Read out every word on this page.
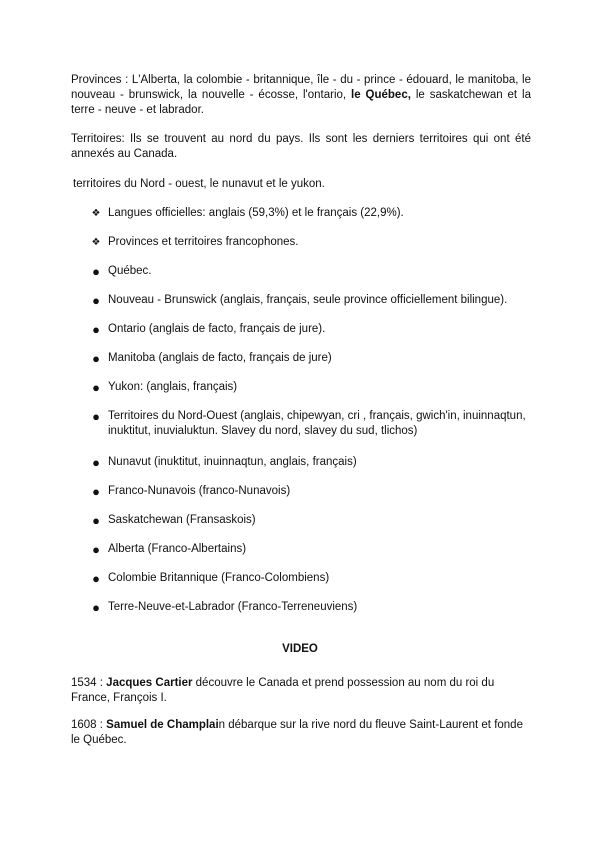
Provinces : L'Alberta, la colombie - britannique, île - du - prince - édouard, le manitoba, le nouveau - brunswick, la nouvelle - écosse, l'ontario, le Québec, le saskatchewan et la terre - neuve - et labrador.

Territoires: Ils se trouvent au nord du pays. Ils sont les derniers territoires qui ont été annexés au Canada.

territoires du Nord - ouest, le nunavut et le yukon.

❖ Langues officielles: anglais (59,3%) et le français (22,9%).
❖ Provinces et territoires francophones.
● Québec.
● Nouveau - Brunswick (anglais, français, seule province officiellement bilingue).
● Ontario (anglais de facto, français de jure).
● Manitoba (anglais de facto, français de jure)
● Yukon: (anglais, français)
● Territoires du Nord-Ouest (anglais, chipewyan, cri , français, gwich'in, inuinnaqtun, inuktitut, inuvialuktun. Slavey du nord, slavey du sud, tlichos)
● Nunavut (inuktitut, inuinnaqtun, anglais, français)
● Franco-Nunavois (franco-Nunavois)
● Saskatchewan (Fransaskois)
● Alberta (Franco-Albertains)
● Colombie Britannique (Franco-Colombiens)
● Terre-Neuve-et-Labrador (Franco-Terreneuviens)
VIDEO

1534 : Jacques Cartier découvre le Canada et prend possession au nom du roi du France, François I.

1608 : Samuel de Champlain débarque sur la rive nord du fleuve Saint-Laurent et fonde le Québec.
